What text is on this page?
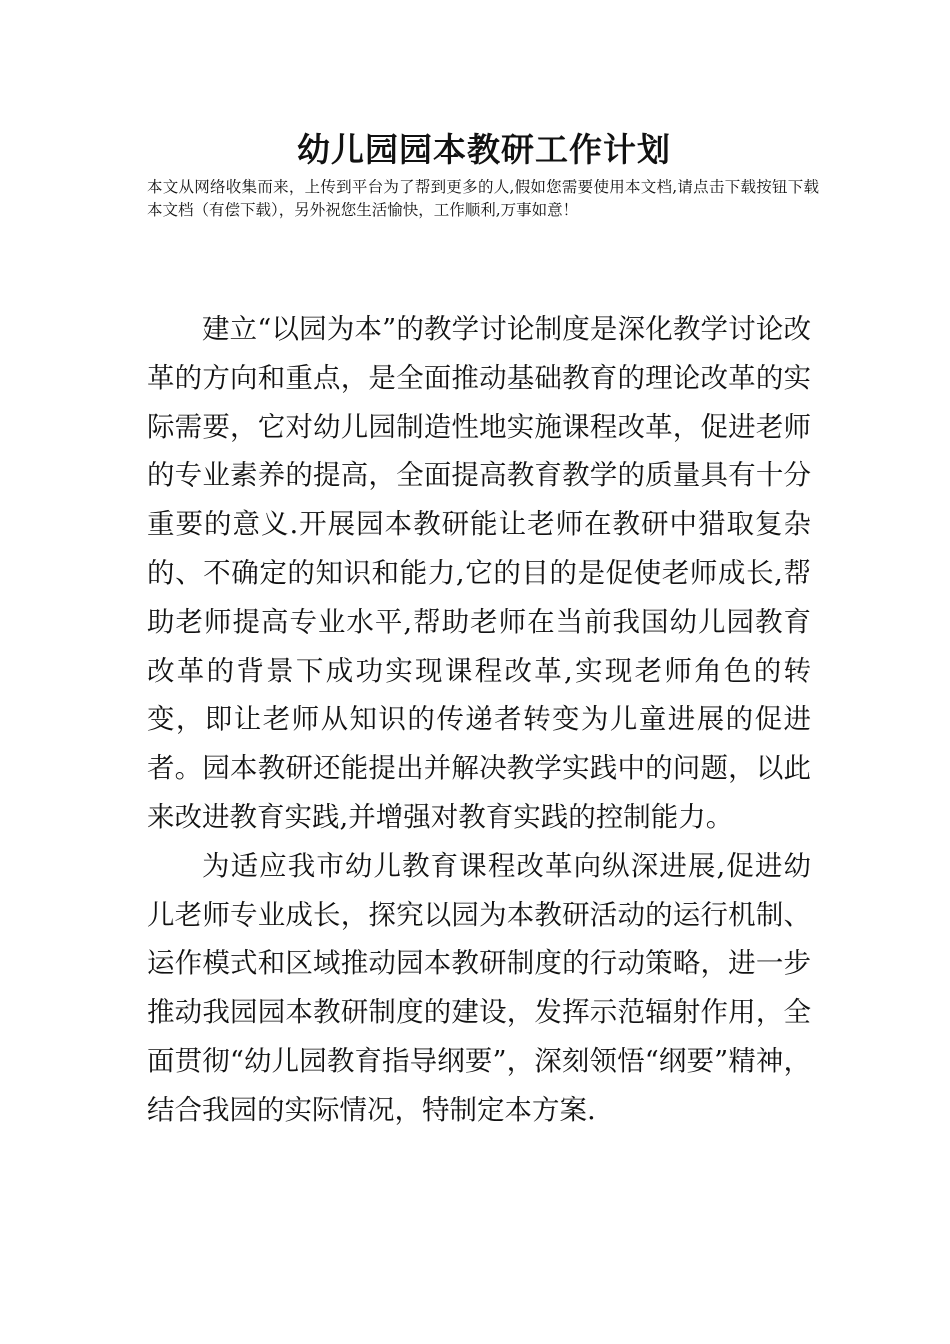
幼儿园园本教研工作计划

本文从网络收集而来，上传到平台为了帮到更多的人,假如您需要使用本文档,请点击下载按钮下载本文档（有偿下载），另外祝您生活愉快，工作顺利,万事如意！

建立“以园为本”的教学讨论制度是深化教学讨论改革的方向和重点，是全面推动基础教育的理论改革的实际需要，它对幼儿园制造性地实施课程改革，促进老师的专业素养的提高，全面提高教育教学的质量具有十分重要的意义.开展园本教研能让老师在教研中猎取复杂的、不确定的知识和能力,它的目的是促使老师成长,帮助老师提高专业水平,帮助老师在当前我国幼儿园教育改革的背景下成功实现课程改革,实现老师角色的转变，即让老师从知识的传递者转变为儿童进展的促进者。园本教研还能提出并解决教学实践中的问题，以此来改进教育实践,并增强对教育实践的控制能力。

为适应我市幼儿教育课程改革向纵深进展,促进幼儿老师专业成长，探究以园为本教研活动的运行机制、运作模式和区域推动园本教研制度的行动策略，进一步推动我园园本教研制度的建设，发挥示范辐射作用，全面贯彻“幼儿园教育指导纲要”，深刻领悟“纲要”精神，结合我园的实际情况，特制定本方案.
